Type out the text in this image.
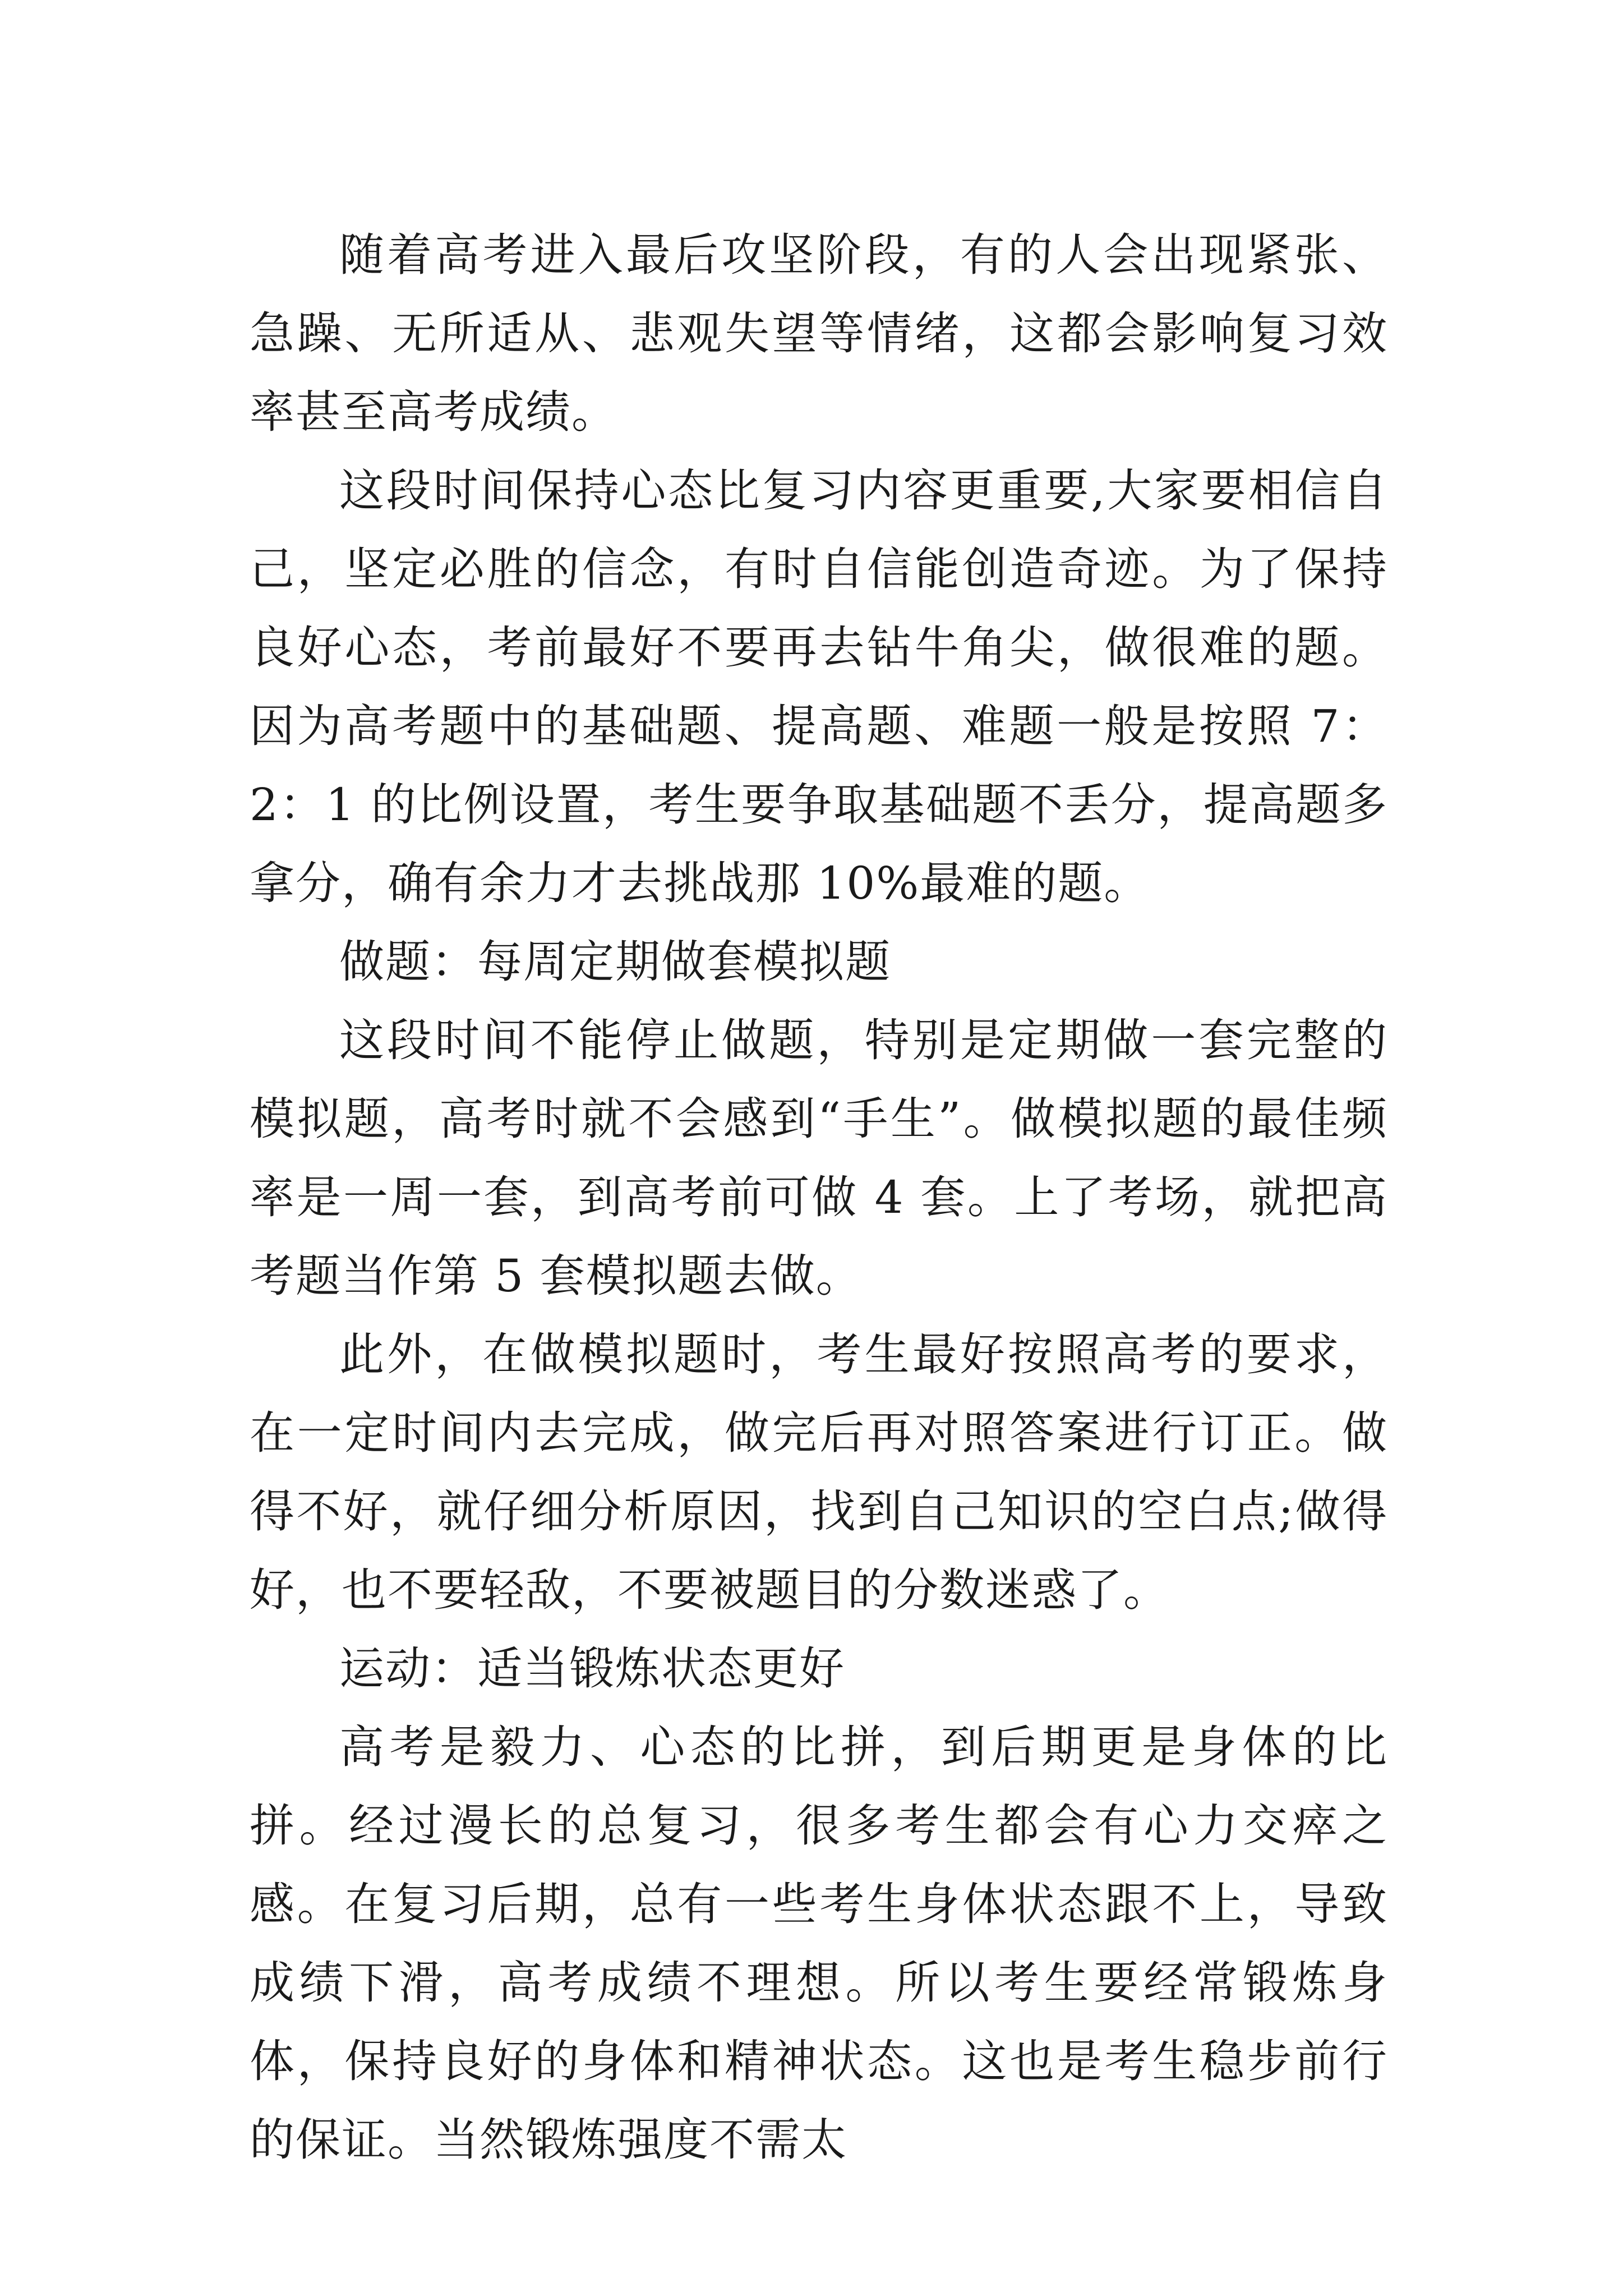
随着高考进入最后攻坚阶段，有的人会出现紧张、急躁、无所适从、悲观失望等情绪，这都会影响复习效率甚至高考成绩。

这段时间保持心态比复习内容更重要,大家要相信自己，坚定必胜的信念，有时自信能创造奇迹。为了保持良好心态，考前最好不要再去钻牛角尖，做很难的题。因为高考题中的基础题、提高题、难题一般是按照 7：2：1 的比例设置，考生要争取基础题不丢分，提高题多拿分，确有余力才去挑战那 10%最难的题。

做题：每周定期做套模拟题

这段时间不能停止做题，特别是定期做一套完整的模拟题，高考时就不会感到“手生”。做模拟题的最佳频率是一周一套，到高考前可做 4 套。上了考场，就把高考题当作第 5 套模拟题去做。

此外，在做模拟题时，考生最好按照高考的要求，在一定时间内去完成，做完后再对照答案进行订正。做得不好，就仔细分析原因，找到自己知识的空白点;做得好，也不要轻敌，不要被题目的分数迷惑了。

运动：适当锻炼状态更好

高考是毅力、心态的比拼，到后期更是身体的比拼。经过漫长的总复习，很多考生都会有心力交瘁之感。在复习后期，总有一些考生身体状态跟不上，导致成绩下滑，高考成绩不理想。所以考生要经常锻炼身体，保持良好的身体和精神状态。这也是考生稳步前行的保证。当然锻炼强度不需太
